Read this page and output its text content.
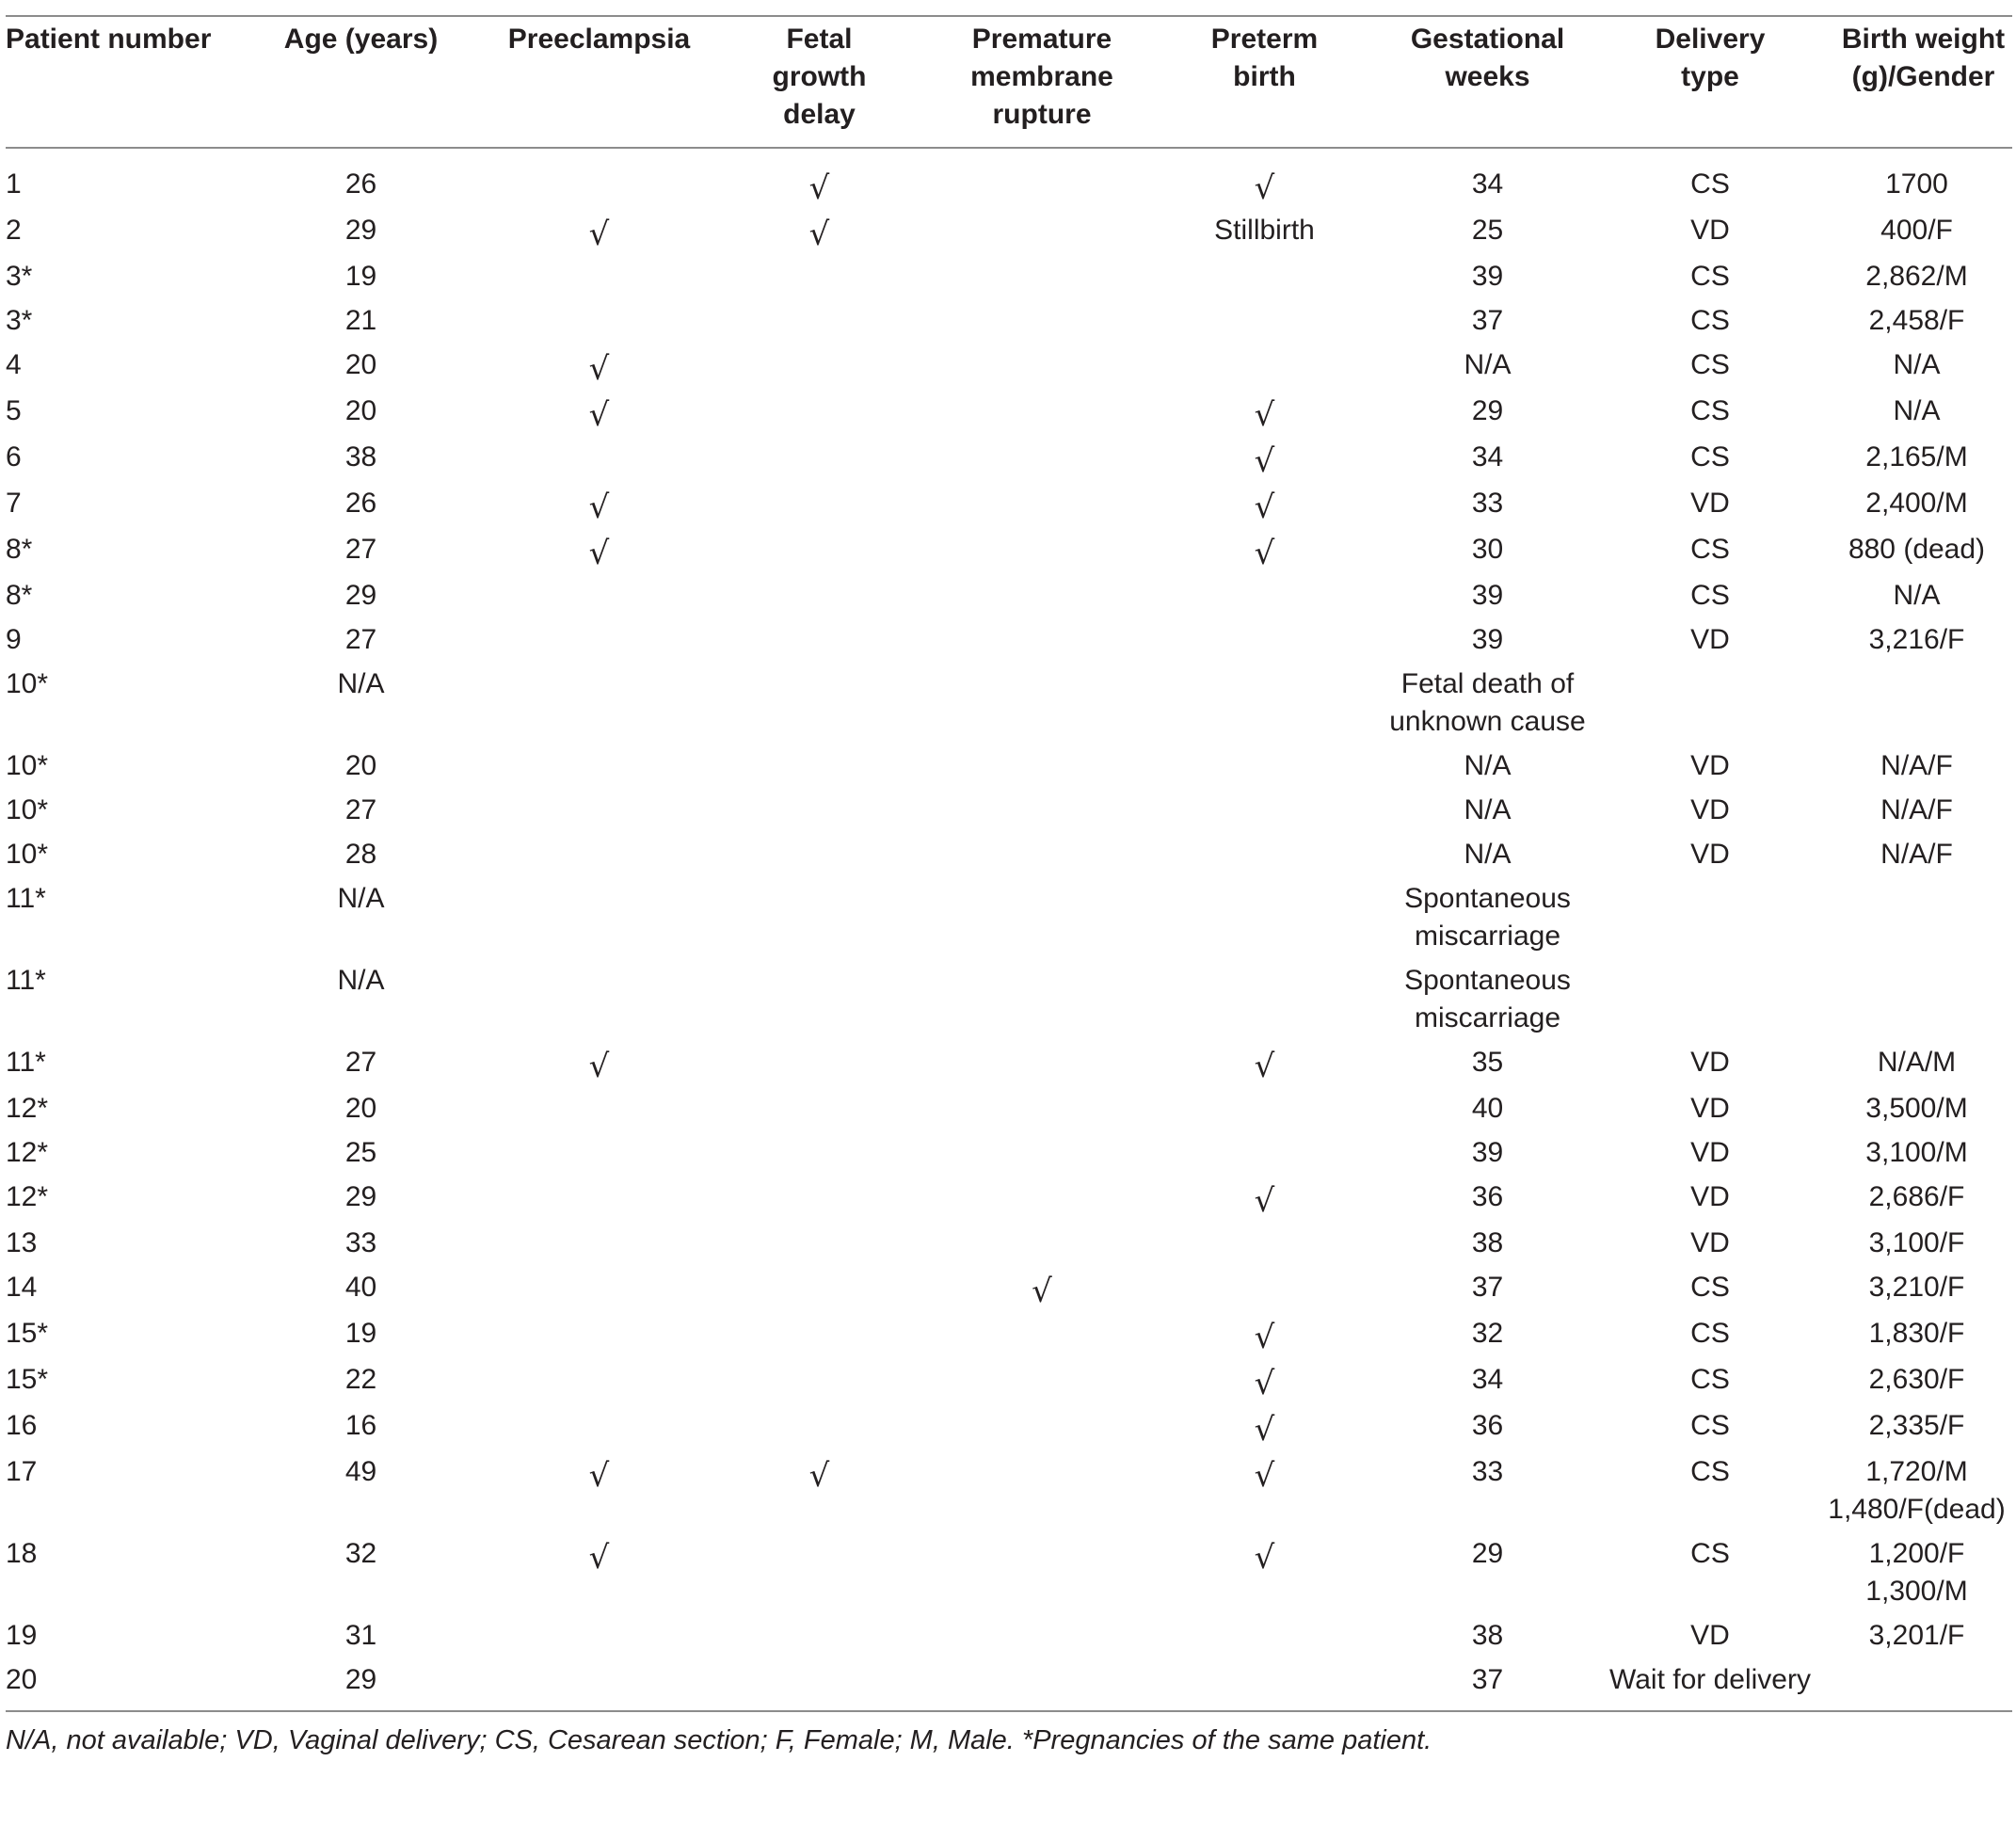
Patient number	Age (years)	Preeclampsia	Fetal growth delay	Premature membrane rupture	Preterm birth	Gestational weeks	Delivery type	Birth weight (g)/Gender
1	26		√		√	34	CS	1700
2	29	√	√		Stillbirth	25	VD	400/F
3*	19					39	CS	2,862/M
3*	21					37	CS	2,458/F
4	20	√				N/A	CS	N/A
5	20	√			√	29	CS	N/A
6	38				√	34	CS	2,165/M
7	26	√			√	33	VD	2,400/M
8*	27	√			√	30	CS	880 (dead)
8*	29					39	CS	N/A
9	27					39	VD	3,216/F
10*	N/A					Fetal death of unknown cause		
10*	20					N/A	VD	N/A/F
10*	27					N/A	VD	N/A/F
10*	28					N/A	VD	N/A/F
11*	N/A					Spontaneous miscarriage		
11*	N/A					Spontaneous miscarriage		
11*	27	√			√	35	VD	N/A/M
12*	20					40	VD	3,500/M
12*	25					39	VD	3,100/M
12*	29				√	36	VD	2,686/F
13	33					38	VD	3,100/F
14	40			√		37	CS	3,210/F
15*	19				√	32	CS	1,830/F
15*	22				√	34	CS	2,630/F
16	16				√	36	CS	2,335/F
17	49	√	√		√	33	CS	1,720/M
1,480/F(dead)
18	32	√			√	29	CS	1,200/F
1,300/M
19	31					38	VD	3,201/F
20	29					37	Wait for delivery	
N/A, not available; VD, Vaginal delivery; CS, Cesarean section; F, Female; M, Male. *Pregnancies of the same patient.
